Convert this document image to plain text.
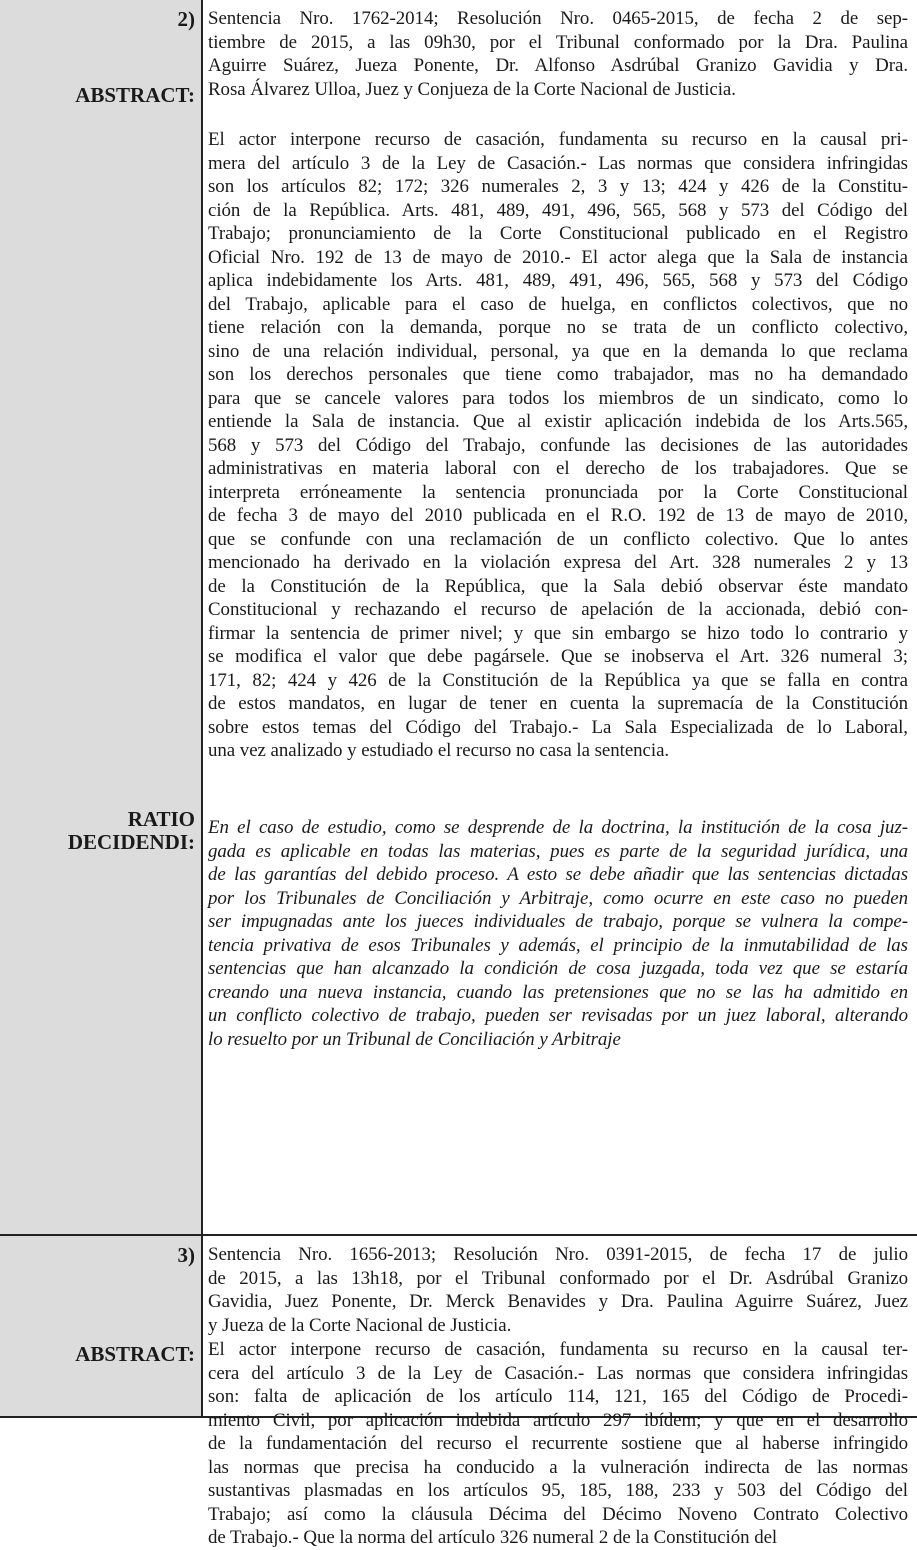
2)
ABSTRACT:
RATIO
DECIDENDI:
Sentencia Nro. 1762-2014; Resolución Nro. 0465-2015, de fecha 2 de sep-
tiembre de 2015, a las 09h30, por el Tribunal conformado por la Dra. Paulina
Aguirre Suárez, Jueza Ponente, Dr. Alfonso Asdrúbal Granizo Gavidia y Dra.
Rosa Álvarez Ulloa, Juez y Conjueza de la Corte Nacional de Justicia.
El actor interpone recurso de casación, fundamenta su recurso en la causal pri-
mera del artículo 3 de la Ley de Casación.- Las normas que considera infringidas
son los artículos 82; 172; 326 numerales 2, 3 y 13; 424 y 426 de la Constitu-
ción de la República. Arts. 481, 489, 491, 496, 565, 568 y 573 del Código del
Trabajo; pronunciamiento de la Corte Constitucional publicado en el Registro
Oficial Nro. 192 de 13 de mayo de 2010.- El actor alega que la Sala de instancia
aplica indebidamente los Arts. 481, 489, 491, 496, 565, 568 y 573 del Código
del Trabajo, aplicable para el caso de huelga, en conflictos colectivos, que no
tiene relación con la demanda, porque no se trata de un conflicto colectivo,
sino de una relación individual, personal, ya que en la demanda lo que reclama
son los derechos personales que tiene como trabajador, mas no ha demandado
para que se cancele valores para todos los miembros de un sindicato, como lo
entiende la Sala de instancia. Que al existir aplicación indebida de los Arts.565,
568 y 573 del Código del Trabajo, confunde las decisiones de las autoridades
administrativas en materia laboral con el derecho de los trabajadores. Que se
interpreta erróneamente la sentencia pronunciada por la Corte Constitucional
de fecha 3 de mayo del 2010 publicada en el R.O. 192 de 13 de mayo de 2010,
que se confunde con una reclamación de un conflicto colectivo. Que lo antes
mencionado ha derivado en la violación expresa del Art. 328 numerales 2 y 13
de la Constitución de la República, que la Sala debió observar éste mandato
Constitucional y rechazando el recurso de apelación de la accionada, debió con-
firmar la sentencia de primer nivel; y que sin embargo se hizo todo lo contrario y
se modifica el valor que debe pagársele. Que se inobserva el Art. 326 numeral 3;
171, 82; 424 y 426 de la Constitución de la República ya que se falla en contra
de estos mandatos, en lugar de tener en cuenta la supremacía de la Constitución
sobre estos temas del Código del Trabajo.- La Sala Especializada de lo Laboral,
una vez analizado y estudiado el recurso no casa la sentencia.
En el caso de estudio, como se desprende de la doctrina, la institución de la cosa juz-
gada es aplicable en todas las materias, pues es parte de la seguridad jurídica, una
de las garantías del debido proceso. A esto se debe añadir que las sentencias dictadas
por los Tribunales de Conciliación y Arbitraje, como ocurre en este caso no pueden
ser impugnadas ante los jueces individuales de trabajo, porque se vulnera la compe-
tencia privativa de esos Tribunales y además, el principio de la inmutabilidad de las
sentencias que han alcanzado la condición de cosa juzgada, toda vez que se estaría
creando una nueva instancia, cuando las pretensiones que no se las ha admitido en
un conflicto colectivo de trabajo, pueden ser revisadas por un juez laboral, alterando
lo resuelto por un Tribunal de Conciliación y Arbitraje
3)
ABSTRACT:
Sentencia Nro. 1656-2013; Resolución Nro. 0391-2015, de fecha 17 de julio
de 2015, a las 13h18, por el Tribunal conformado por el Dr. Asdrúbal Granizo
Gavidia, Juez Ponente, Dr. Merck Benavides y Dra. Paulina Aguirre Suárez, Juez
y Jueza de la Corte Nacional de Justicia.
El actor interpone recurso de casación, fundamenta su recurso en la causal ter-
cera del artículo 3 de la Ley de Casación.- Las normas que considera infringidas
son: falta de aplicación de los artículo 114, 121, 165 del Código de Procedi-
miento Civil, por aplicación indebida artículo 297 ibídem; y que en el desarrollo
de la fundamentación del recurso el recurrente sostiene que al haberse infringido
las normas que precisa ha conducido a la vulneración indirecta de las normas
sustantivas plasmadas en los artículos 95, 185, 188, 233 y 503 del Código del
Trabajo; así como la cláusula Décima del Décimo Noveno Contrato Colectivo
de Trabajo.- Que la norma del artículo 326 numeral 2 de la Constitución del
